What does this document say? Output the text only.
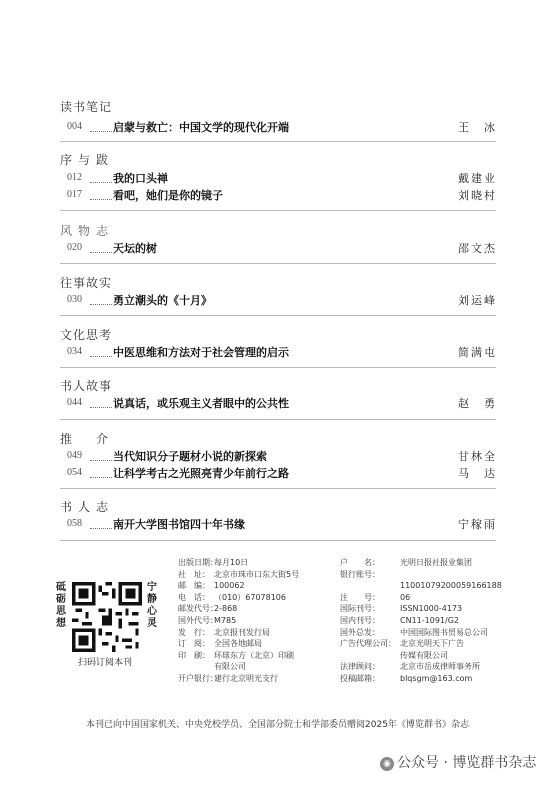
读书笔记
004	启蒙与救亡：中国文学的现代化开端	王　冰
序与跋
012	我的口头禅	戴建业
017	看吧，她们是你的镜子	刘晓村
风物志
020	天坛的树	邵文杰
往事故实
030	勇立潮头的《十月》	刘运峰
文化思考
034	中医思维和方法对于社会管理的启示	简满屯
书人故事
044	说真话，或乐观主义者眼中的公共性	赵　勇
推　介
049	当代知识分子题材小说的新探索	甘林全
054	让科学考古之光照亮青少年前行之路	马　达
书人志
058	南开大学图书馆四十年书缘	宁稼雨
砥砺思想
宁静心灵
扫码订阅本刊
出版日期：每月10日
社　址： 北京市珠市口东大街5号
邮　编： 100062
电　话： （010）67078106
邮发代号：2-868
国外代号：M785
发　行： 北京报刊发行局
订　阅： 全国各地邮局
印　刷： 环球东方（北京）印刷
有限公司
开户银行：建行北京明光支行
户　　名：	光明日报社报业集团
银行账号：
11001079200059166188
注　　号：	06
国际刊号：	ISSN1000-4173
国内刊号：	CN11-1091/G2
国外总发：	中国国际图书贸易总公司
广告代理公司： 北京光明天下广告
传媒有限公司
法律顾问：	北京市岳成律师事务所
投稿邮箱：	blqsgm@163.com
本刊已向中国国家机关、中央党校学员、全国部分院士和学部委员赠阅2025年《博览群书》杂志
◉ 公众号 · 博览群书杂志
